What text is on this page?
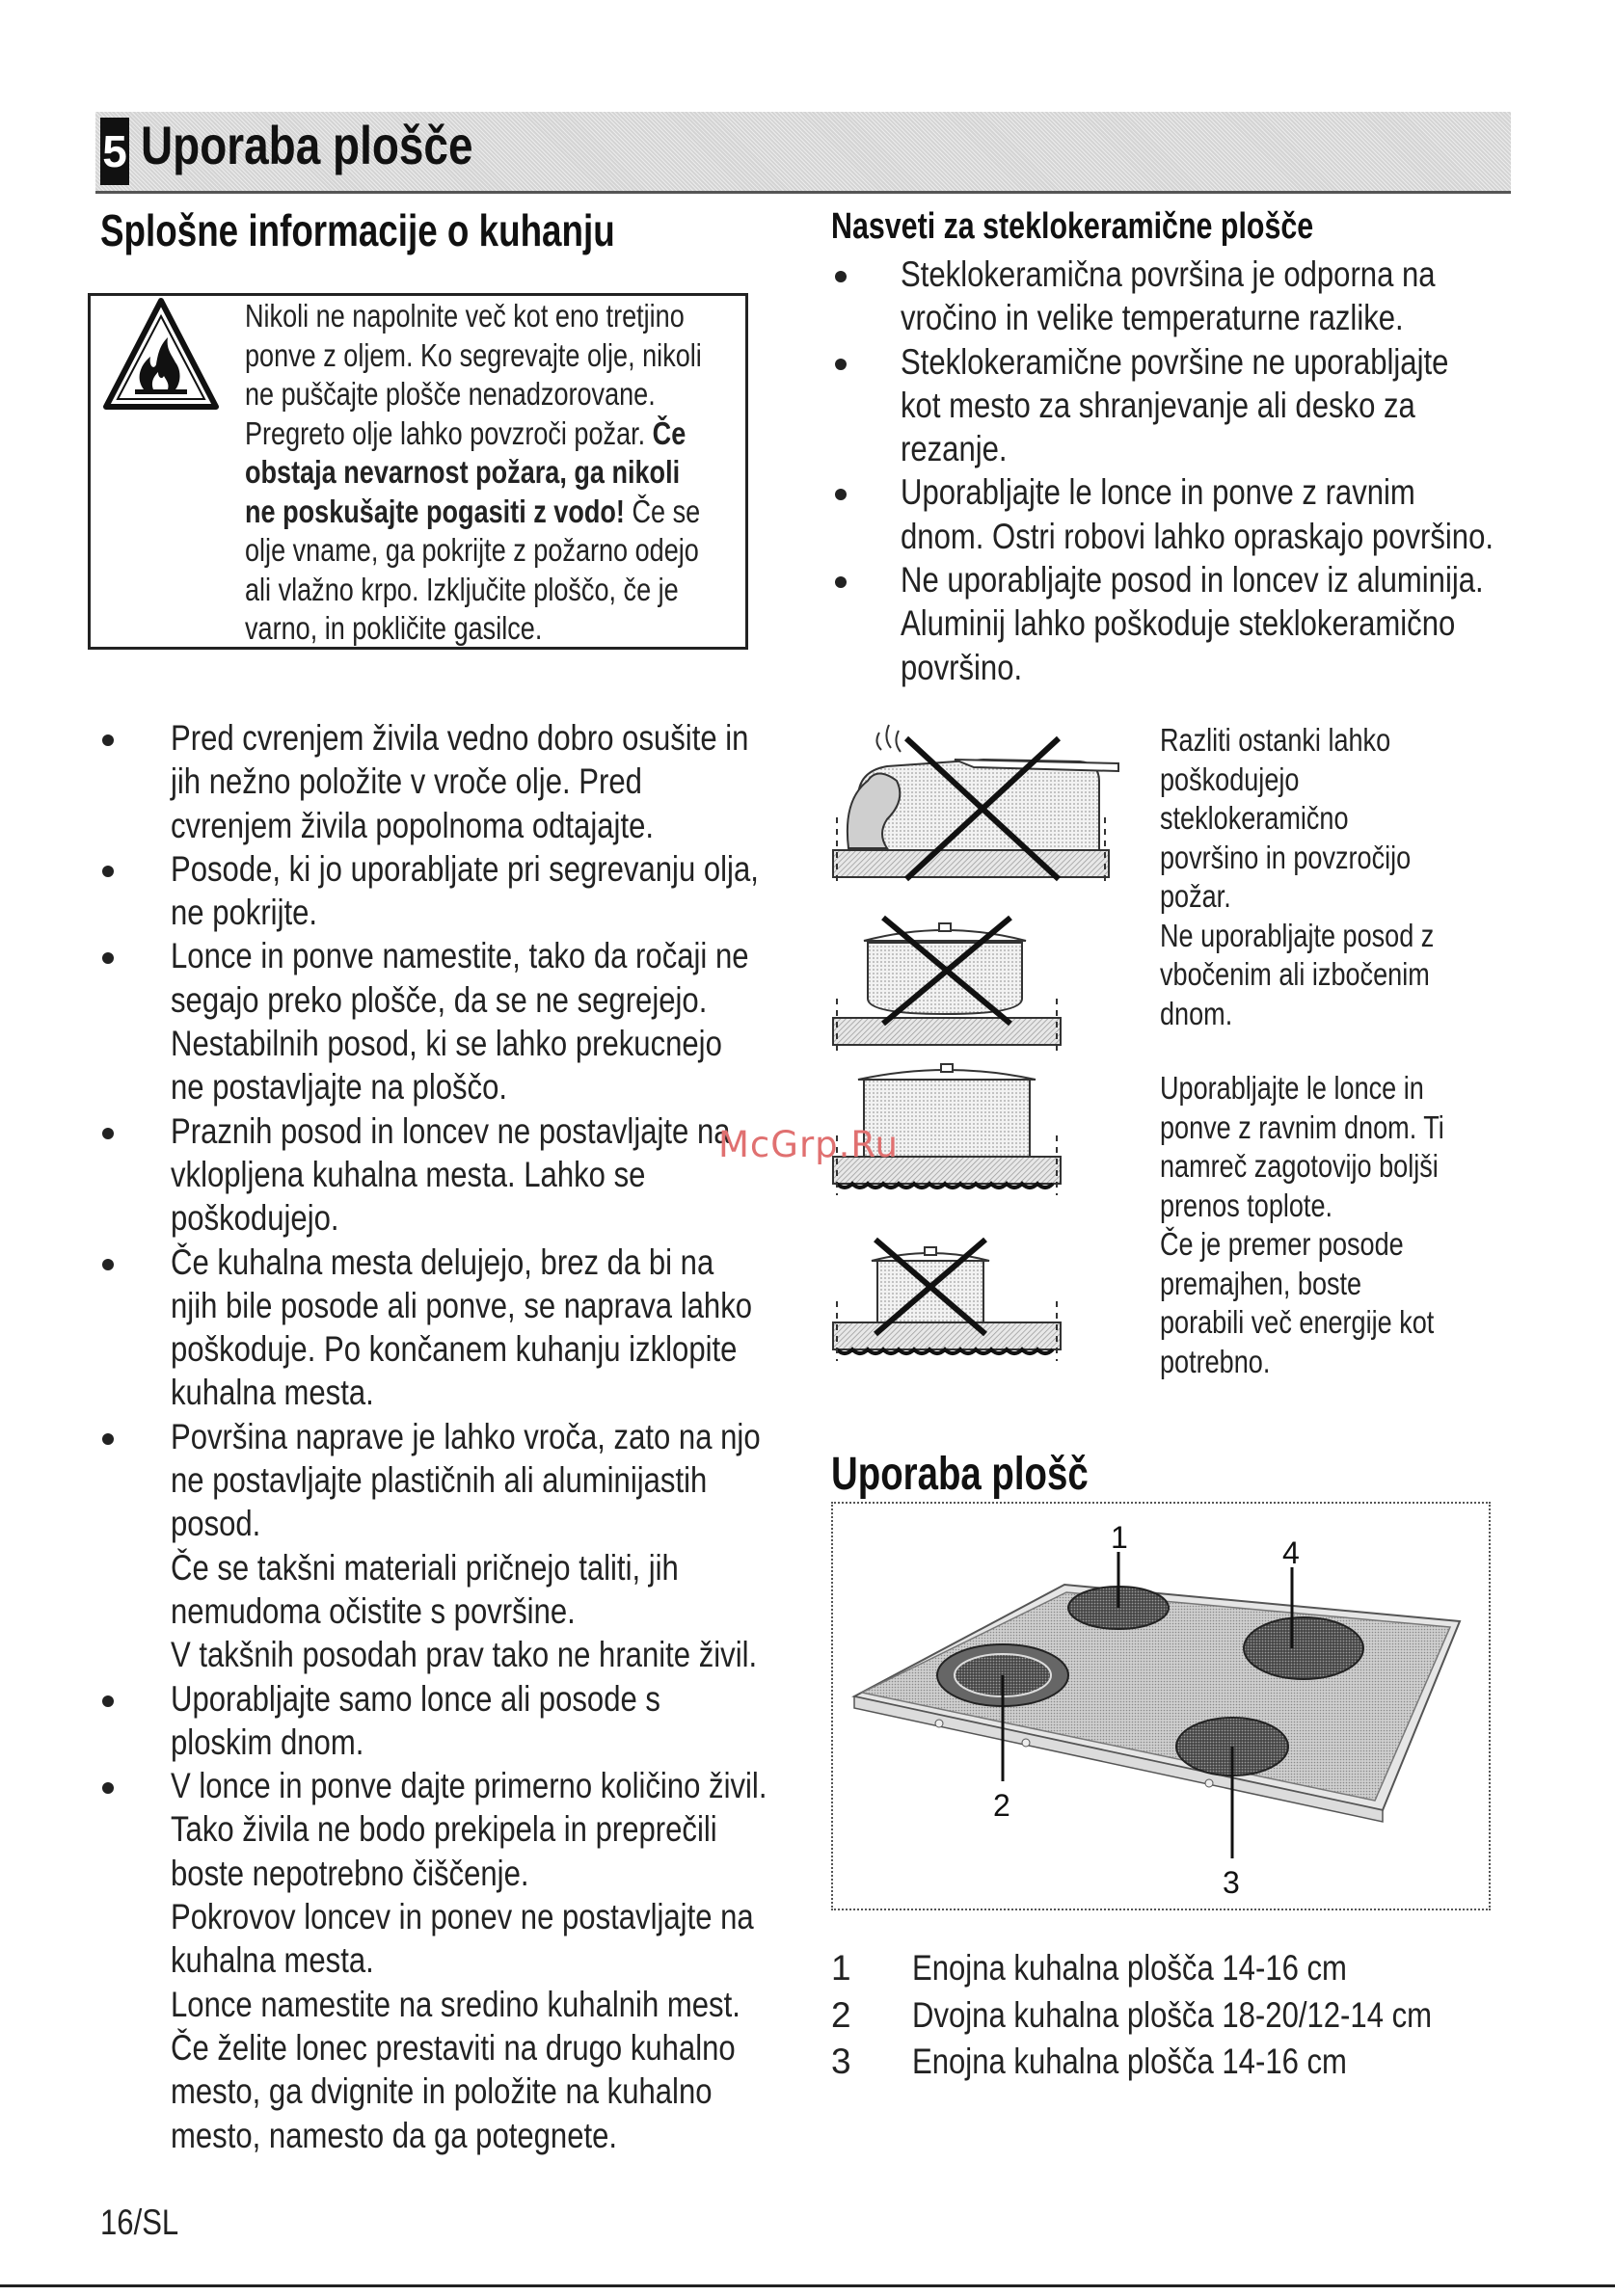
5 Uporaba plošče
Splošne informacije o kuhanju
Nikoli ne napolnite več kot eno tretjino
ponve z oljem. Ko segrevajte olje, nikoli
ne puščajte plošče nenadzorovane.
Pregreto olje lahko povzroči požar. Če
obstaja nevarnost požara, ga nikoli
ne poskušajte pogasiti z vodo! Če se
olje vname, ga pokrijte z požarno odejo
ali vlažno krpo. Izključite ploščo, če je
varno, in pokličite gasilce.
Pred cvrenjem živila vedno dobro osušite in
jih nežno položite v vroče olje. Pred
cvrenjem živila popolnoma odtajajte.
Posode, ki jo uporabljate pri segrevanju olja,
ne pokrijte.
Lonce in ponve namestite, tako da ročaji ne
segajo preko plošče, da se ne segrejejo.
Nestabilnih posod, ki se lahko prekucnejo
ne postavljajte na ploščo.
Praznih posod in loncev ne postavljajte na
vklopljena kuhalna mesta. Lahko se
poškodujejo.
Če kuhalna mesta delujejo, brez da bi na
njih bile posode ali ponve, se naprava lahko
poškoduje. Po končanem kuhanju izklopite
kuhalna mesta.
Površina naprave je lahko vroča, zato na njo
ne postavljajte plastičnih ali aluminijastih
posod.
Če se takšni materiali pričnejo taliti, jih
nemudoma očistite s površine.
V takšnih posodah prav tako ne hranite živil.
Uporabljajte samo lonce ali posode s
ploskim dnom.
V lonce in ponve dajte primerno količino živil.
Tako živila ne bodo prekipela in preprečili
boste nepotrebno čiščenje.
Pokrovov loncev in ponev ne postavljajte na
kuhalna mesta.
Lonce namestite na sredino kuhalnih mest.
Če želite lonec prestaviti na drugo kuhalno
mesto, ga dvignite in položite na kuhalno
mesto, namesto da ga potegnete.
Nasveti za steklokeramične plošče
Steklokeramična površina je odporna na
vročino in velike temperaturne razlike.
Steklokeramične površine ne uporabljajte
kot mesto za shranjevanje ali desko za
rezanje.
Uporabljajte le lonce in ponve z ravnim
dnom. Ostri robovi lahko opraskajo površino.
Ne uporabljajte posod in loncev iz aluminija.
Aluminij lahko poškoduje steklokeramično
površino.
Razliti ostanki lahko
poškodujejo
steklokeramično
površino in povzročijo
požar.
Ne uporabljajte posod z
vbočenim ali izbočenim
dnom.
Uporabljajte le lonce in
ponve z ravnim dnom. Ti
namreč zagotovijo boljši
prenos toplote.
Če je premer posode
premajhen, boste
porabili več energije kot
potrebno.
Uporaba plošč
1	4
2
3
1 Enojna kuhalna plošča 14-16 cm
2 Dvojna kuhalna plošča 18-20/12-14 cm
3 Enojna kuhalna plošča 14-16 cm
McGrp.Ru
16/SL
